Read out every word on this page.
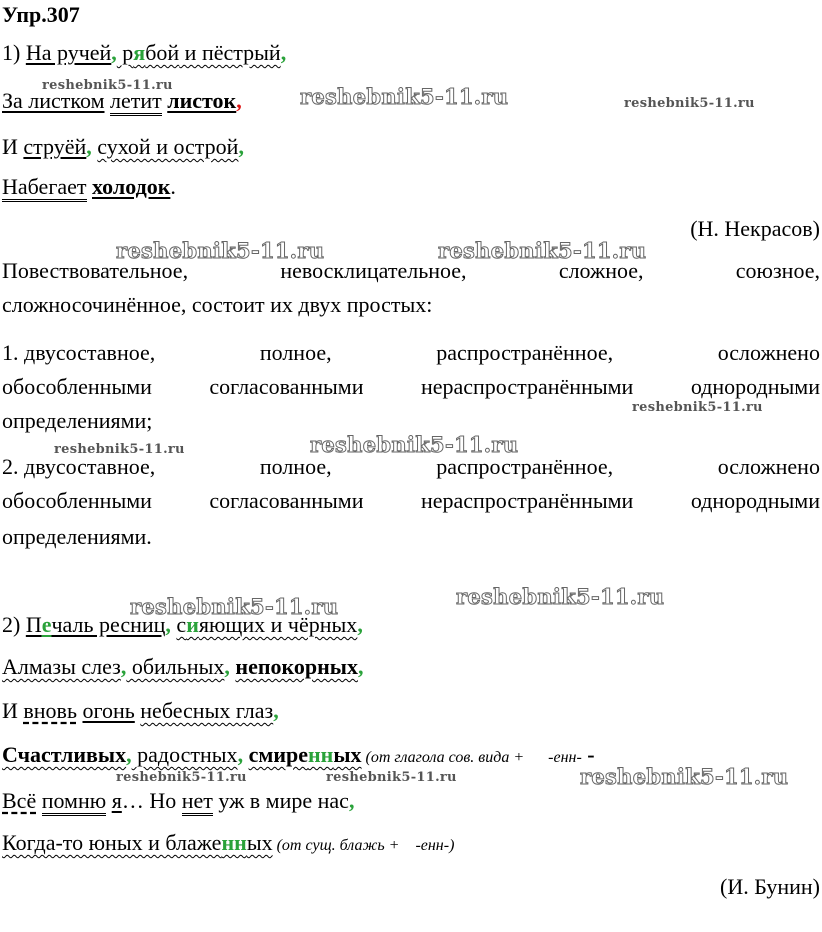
Упр.307
1) На ручей, рябой и пёстрый,
За листком летит листок,
И струёй, сухой и острой,
Набегает холодок.
(Н. Некрасов)
Повествовательное,	невосклицательное,	сложное,	союзное,
сложносочинённое, состоит их двух простых:
1. двусоставное,	полное,	распространённое,	осложнено
обособленными	согласованными	нераспространёнными	однородными
определениями;
2. двусоставное,	полное,	распространённое,	осложнено
обособленными	согласованными	нераспространёнными	однородными
определениями.
2) Печаль ресниц, сияющих и чёрных,
Алмазы слез, обильных, непокорных,
И вновь огонь небесных глаз,
Счастливых, радостных, смиренных (от глагола сов. вида + -енн- -
Всё помню я… Но нет уж в мире нас,
Когда-то юных и блаженных (от сущ. блажь + -енн-)
(И. Бунин)
reshebnik5-11.ru	reshebnik5-11.ru	reshebnik5-11.ru
reshebnik5-11.ru	reshebnik5-11.ru
reshebnik5-11.ru
reshebnik5-11.ru	reshebnik5-11.ru
reshebnik5-11.ru
reshebnik5-11.ru
reshebnik5-11.ru	reshebnik5-11.ru	reshebnik5-11.ru
